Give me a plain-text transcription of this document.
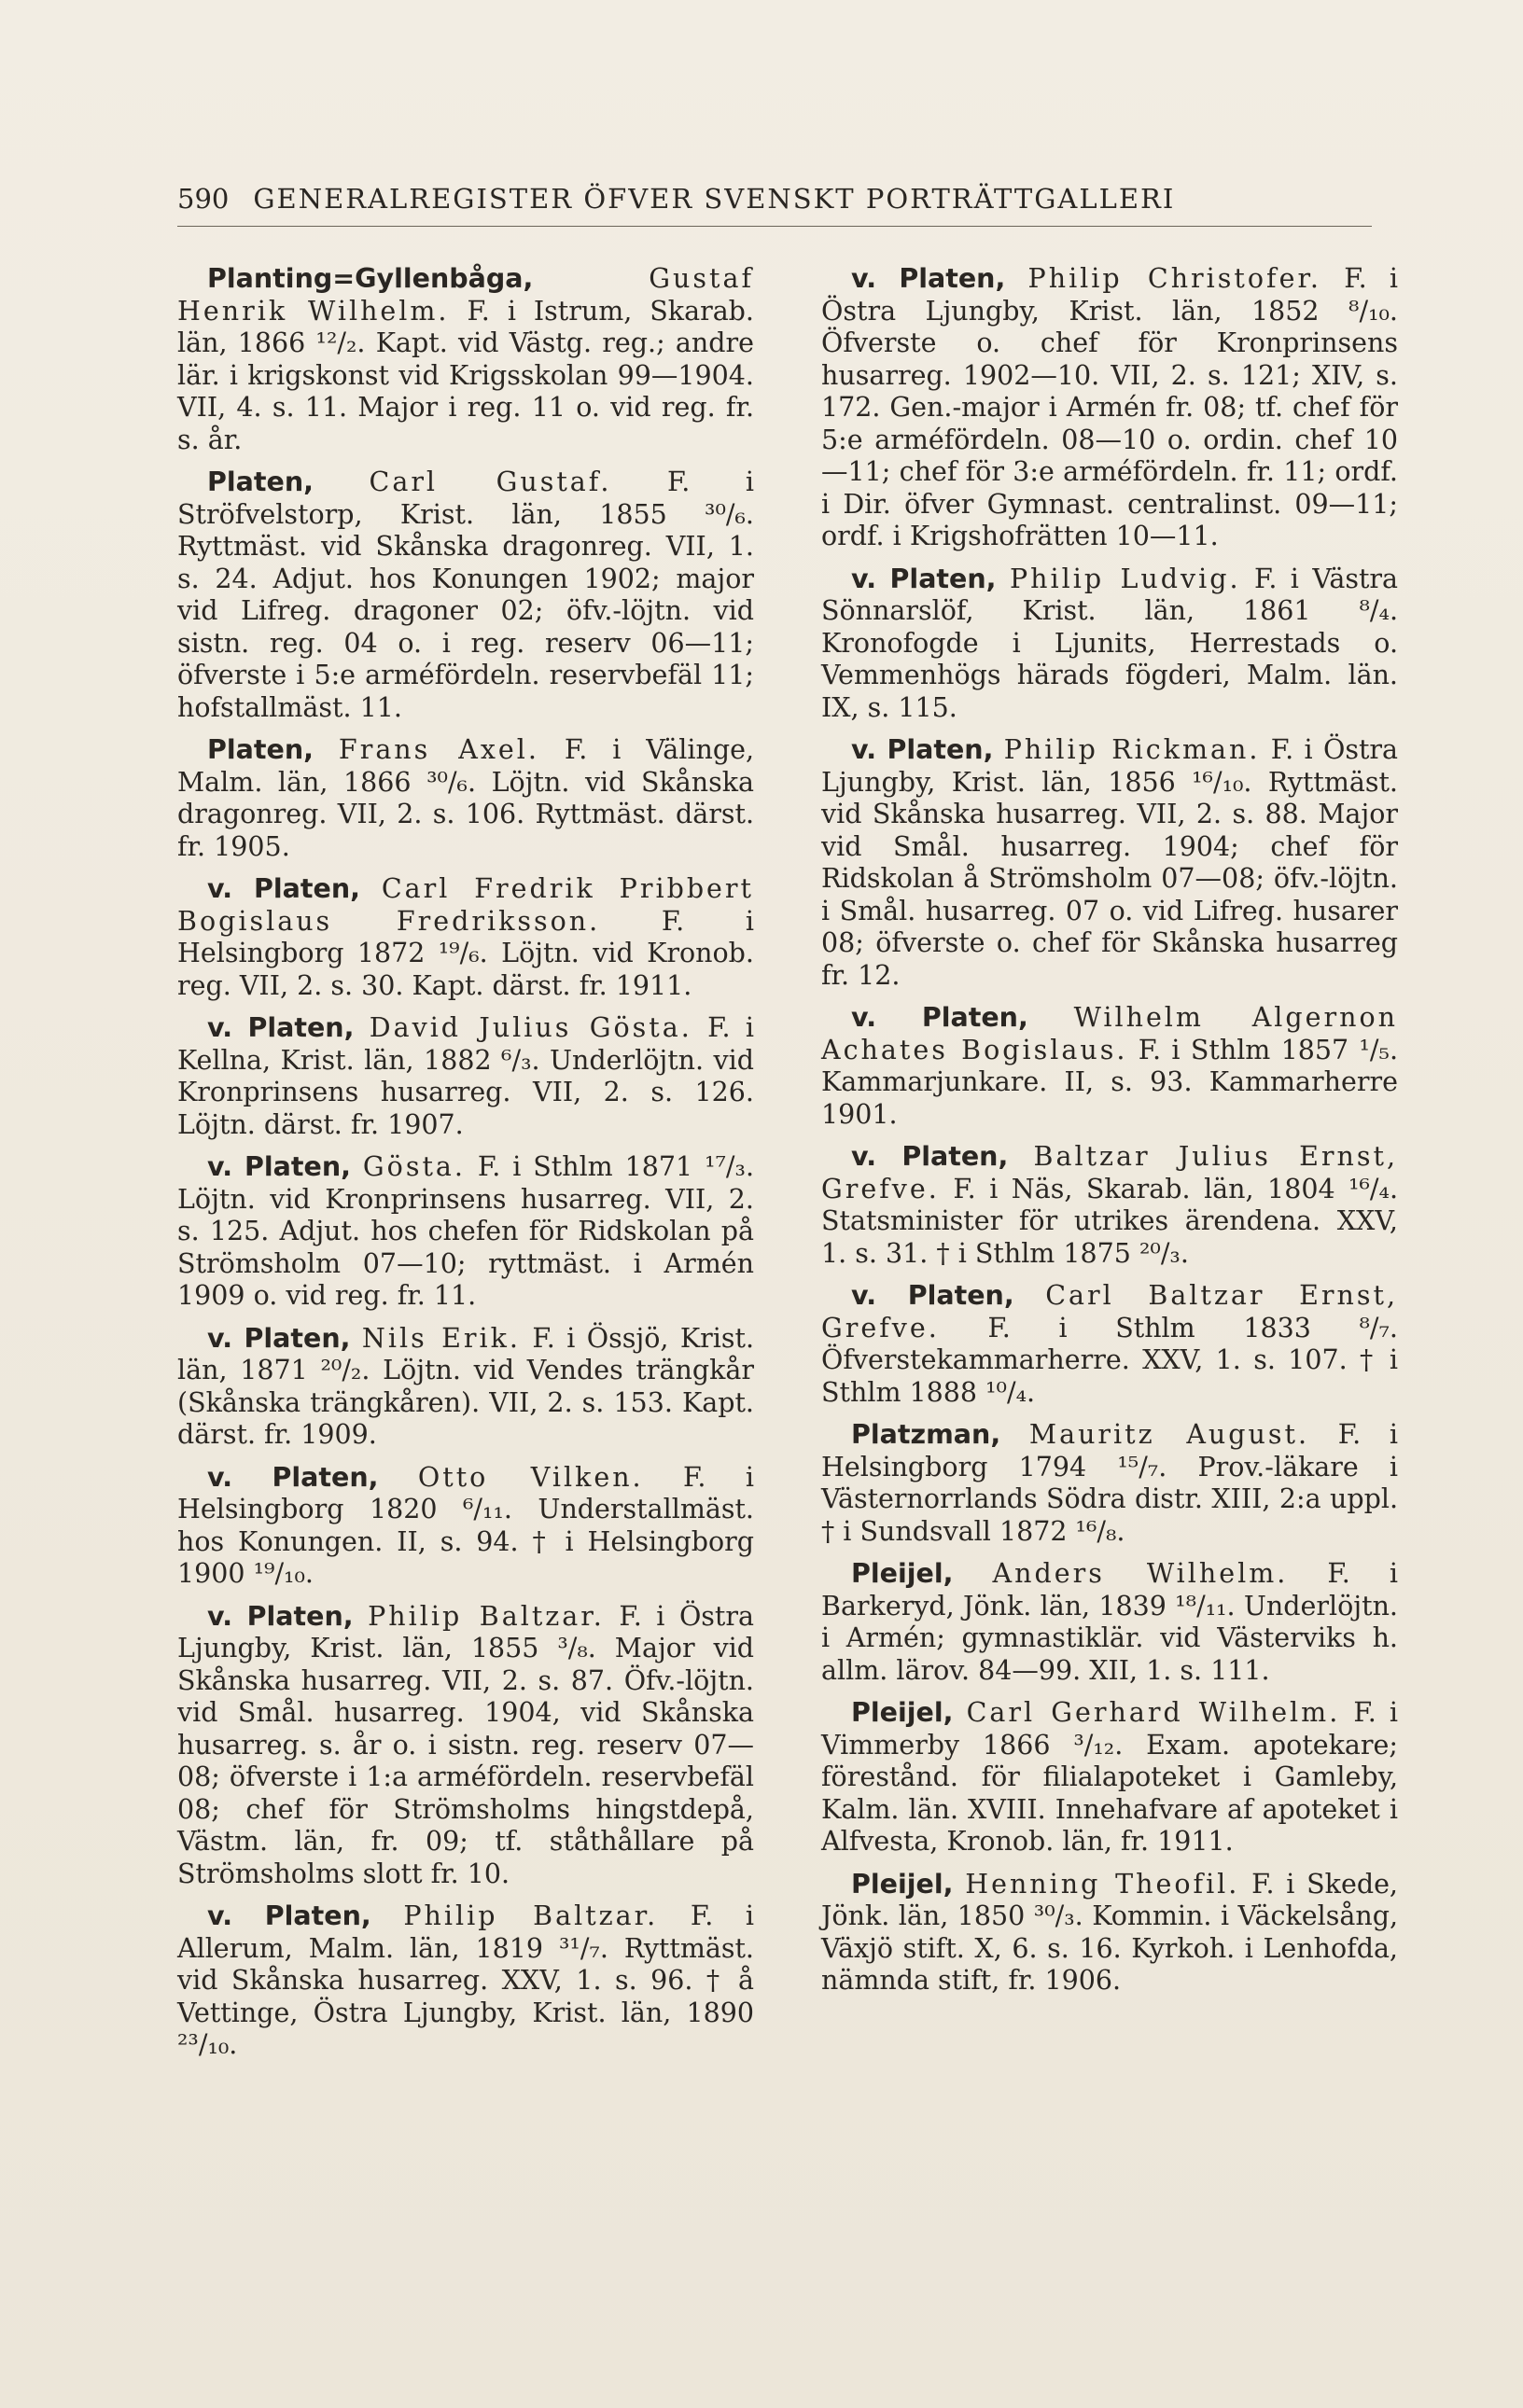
590 GENERALREGISTER ÖFVER SVENSKT PORTRÄTTGALLERI

Planting=Gyllenbåga,	Gustaf Henrik Wilhelm. F. i Istrum, Skarab. län, 1866 ¹²/₂. Kapt. vid Västg. reg.; andre lär. i krigskonst vid Krigsskolan 99—1904. VII, 4. s. 11. Major i reg. 11 o. vid reg. fr. s. år.

Platen, Carl Gustaf. F. i Ströfvelstorp, Krist. län, 1855 ³⁰/₆. Ryttmäst. vid Skånska dragonreg. VII, 1. s. 24. Adjut. hos Konungen 1902; major vid Lifreg. dragoner 02; öfv.-löjtn. vid sistn. reg. 04 o. i reg. reserv 06—11; öfverste i 5:e arméfördeln. reservbefäl 11; hofstallmäst. 11.

Platen, Frans Axel. F. i Välinge, Malm. län, 1866 ³⁰/₆. Löjtn. vid Skånska dragonreg. VII, 2. s. 106. Ryttmäst. därst. fr. 1905.

v. Platen, Carl Fredrik Pribbert Bogislaus Fredriksson. F. i Helsingborg 1872 ¹⁹/₆. Löjtn. vid Kronob. reg. VII, 2. s. 30. Kapt. därst. fr. 1911.

v. Platen, David Julius Gösta. F. i Kellna, Krist. län, 1882 ⁶/₃. Underlöjtn. vid Kronprinsens husarreg. VII, 2. s. 126. Löjtn. därst. fr. 1907.

v. Platen, Gösta. F. i Sthlm 1871 ¹⁷/₃. Löjtn. vid Kronprinsens husarreg. VII, 2. s. 125. Adjut. hos chefen för Ridskolan på Strömsholm 07—10; ryttmäst. i Armén 1909 o. vid reg. fr. 11.

v. Platen, Nils Erik. F. i Össjö, Krist. län, 1871 ²⁰/₂. Löjtn. vid Vendes trängkår (Skånska trängkåren). VII, 2. s. 153. Kapt. därst. fr. 1909.

v. Platen, Otto Vilken. F. i Helsingborg 1820 ⁶/₁₁. Understallmäst. hos Konungen. II, s. 94. † i Helsingborg 1900 ¹⁹/₁₀.

v. Platen, Philip Baltzar. F. i Östra Ljungby, Krist. län, 1855 ³/₈. Major vid Skånska husarreg. VII, 2. s. 87. Öfv.-löjtn. vid Smål. husarreg. 1904, vid Skånska husarreg. s. år o. i sistn. reg. reserv 07—08; öfverste i 1:a arméfördeln. reservbefäl 08; chef för Strömsholms hingstdepå, Västm. län, fr. 09; tf. ståthållare på Strömsholms slott fr. 10.

v. Platen, Philip Baltzar. F. i Allerum, Malm. län, 1819 ³¹/₇. Ryttmäst. vid Skånska husarreg. XXV, 1. s. 96. † å Vettinge, Östra Ljungby, Krist. län, 1890 ²³/₁₀.

v. Platen, Philip Christofer. F. i Östra Ljungby, Krist. län, 1852 ⁸/₁₀. Öfverste o. chef för Kronprinsens husarreg. 1902—10. VII, 2. s. 121; XIV, s. 172. Gen.-major i Armén fr. 08; tf. chef för 5:e arméfördeln. 08—10 o. ordin. chef 10—11; chef för 3:e arméfördeln. fr. 11; ordf. i Dir. öfver Gymnast. centralinst. 09—11; ordf. i Krigshofrätten 10—11.

v. Platen, Philip Ludvig. F. i Västra Sönnarslöf, Krist. län, 1861 ⁸/₄. Kronofogde i Ljunits, Herrestads o. Vemmenhögs härads fögderi, Malm. län. IX, s. 115.

v. Platen, Philip Rickman. F. i Östra Ljungby, Krist. län, 1856 ¹⁶/₁₀. Ryttmäst. vid Skånska husarreg. VII, 2. s. 88. Major vid Smål. husarreg. 1904; chef för Ridskolan å Strömsholm 07—08; öfv.-löjtn. i Smål. husarreg. 07 o. vid Lifreg. husarer 08; öfverste o. chef för Skånska husarreg fr. 12.

v. Platen, Wilhelm Algernon Achates Bogislaus. F. i Sthlm 1857 ¹/₅. Kammarjunkare. II, s. 93. Kammarherre 1901.

v. Platen, Baltzar Julius Ernst, Grefve. F. i Näs, Skarab. län, 1804 ¹⁶/₄. Statsminister för utrikes ärendena. XXV, 1. s. 31. † i Sthlm 1875 ²⁰/₃.

v. Platen, Carl Baltzar Ernst, Grefve. F. i Sthlm 1833 ⁸/₇. Öfverstekammarherre. XXV, 1. s. 107. † i Sthlm 1888 ¹⁰/₄.

Platzman, Mauritz August. F. i Helsingborg 1794 ¹⁵/₇. Prov.-läkare i Västernorrlands Södra distr. XIII, 2:a uppl. † i Sundsvall 1872 ¹⁶/₈.

Pleijel, Anders Wilhelm. F. i Barkeryd, Jönk. län, 1839 ¹⁸/₁₁. Underlöjtn. i Armén; gymnastiklär. vid Västerviks h. allm. lärov. 84—99. XII, 1. s. 111.

Pleijel, Carl Gerhard Wilhelm. F. i Vimmerby 1866 ³/₁₂. Exam. apotekare; förestånd. för filialapoteket i Gamleby, Kalm. län. XVIII. Innehafvare af apoteket i Alfvesta, Kronob. län, fr. 1911.

Pleijel, Henning Theofil. F. i Skede, Jönk. län, 1850 ³⁰/₃. Kommin. i Väckelsång, Växjö stift. X, 6. s. 16. Kyrkoh. i Lenhofda, nämnda stift, fr. 1906.
